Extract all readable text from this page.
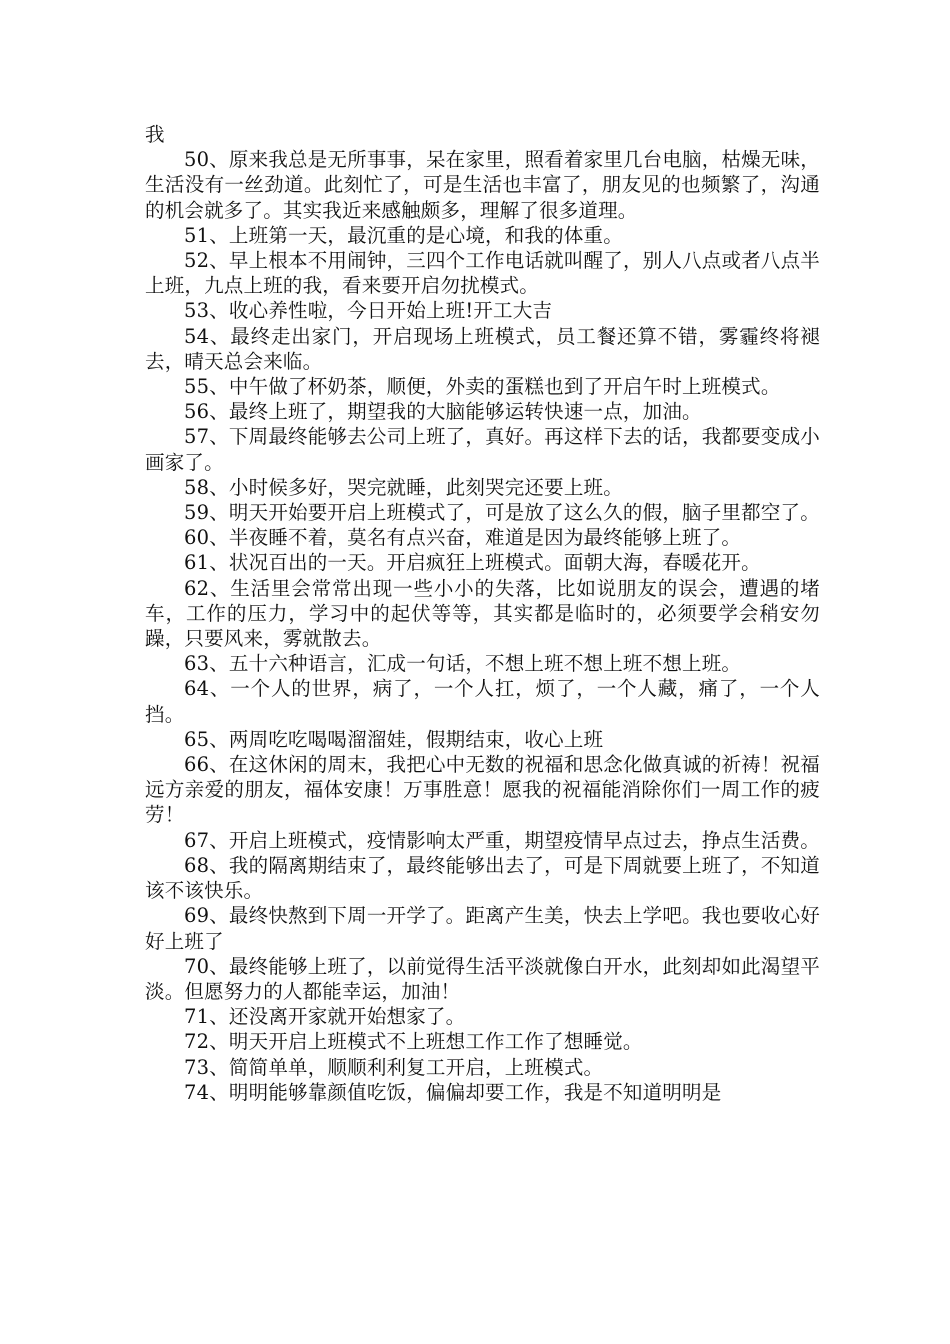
我

50、原来我总是无所事事，呆在家里，照看着家里几台电脑，枯燥无味，生活没有一丝劲道。此刻忙了，可是生活也丰富了，朋友见的也频繁了，沟通的机会就多了。其实我近来感触颇多，理解了很多道理。

51、上班第一天，最沉重的是心境，和我的体重。

52、早上根本不用闹钟，三四个工作电话就叫醒了，别人八点或者八点半上班，九点上班的我，看来要开启勿扰模式。

53、收心养性啦，今日开始上班!开工大吉

54、最终走出家门，开启现场上班模式，员工餐还算不错，雾霾终将褪去，晴天总会来临。

55、中午做了杯奶茶，顺便，外卖的蛋糕也到了开启午时上班模式。

56、最终上班了，期望我的大脑能够运转快速一点，加油。

57、下周最终能够去公司上班了，真好。再这样下去的话，我都要变成小画家了。

58、小时候多好，哭完就睡，此刻哭完还要上班。

59、明天开始要开启上班模式了，可是放了这么久的假，脑子里都空了。

60、半夜睡不着，莫名有点兴奋，难道是因为最终能够上班了。

61、状况百出的一天。开启疯狂上班模式。面朝大海，春暖花开。

62、生活里会常常出现一些小小的失落，比如说朋友的误会，遭遇的堵车，工作的压力，学习中的起伏等等，其实都是临时的，必须要学会稍安勿躁，只要风来，雾就散去。

63、五十六种语言，汇成一句话，不想上班不想上班不想上班。

64、一个人的世界，病了，一个人扛，烦了，一个人藏，痛了，一个人挡。

65、两周吃吃喝喝溜溜娃，假期结束，收心上班

66、在这休闲的周末，我把心中无数的祝福和思念化做真诚的祈祷！祝福远方亲爱的朋友，福体安康！万事胜意！愿我的祝福能消除你们一周工作的疲劳！

67、开启上班模式，疫情影响太严重，期望疫情早点过去，挣点生活费。

68、我的隔离期结束了，最终能够出去了，可是下周就要上班了，不知道该不该快乐。

69、最终快熬到下周一开学了。距离产生美，快去上学吧。我也要收心好好上班了

70、最终能够上班了，以前觉得生活平淡就像白开水，此刻却如此渴望平淡。但愿努力的人都能幸运，加油！

71、还没离开家就开始想家了。

72、明天开启上班模式不上班想工作工作了想睡觉。

73、简简单单，顺顺利利复工开启，上班模式。

74、明明能够靠颜值吃饭，偏偏却要工作，我是不知道明明是
